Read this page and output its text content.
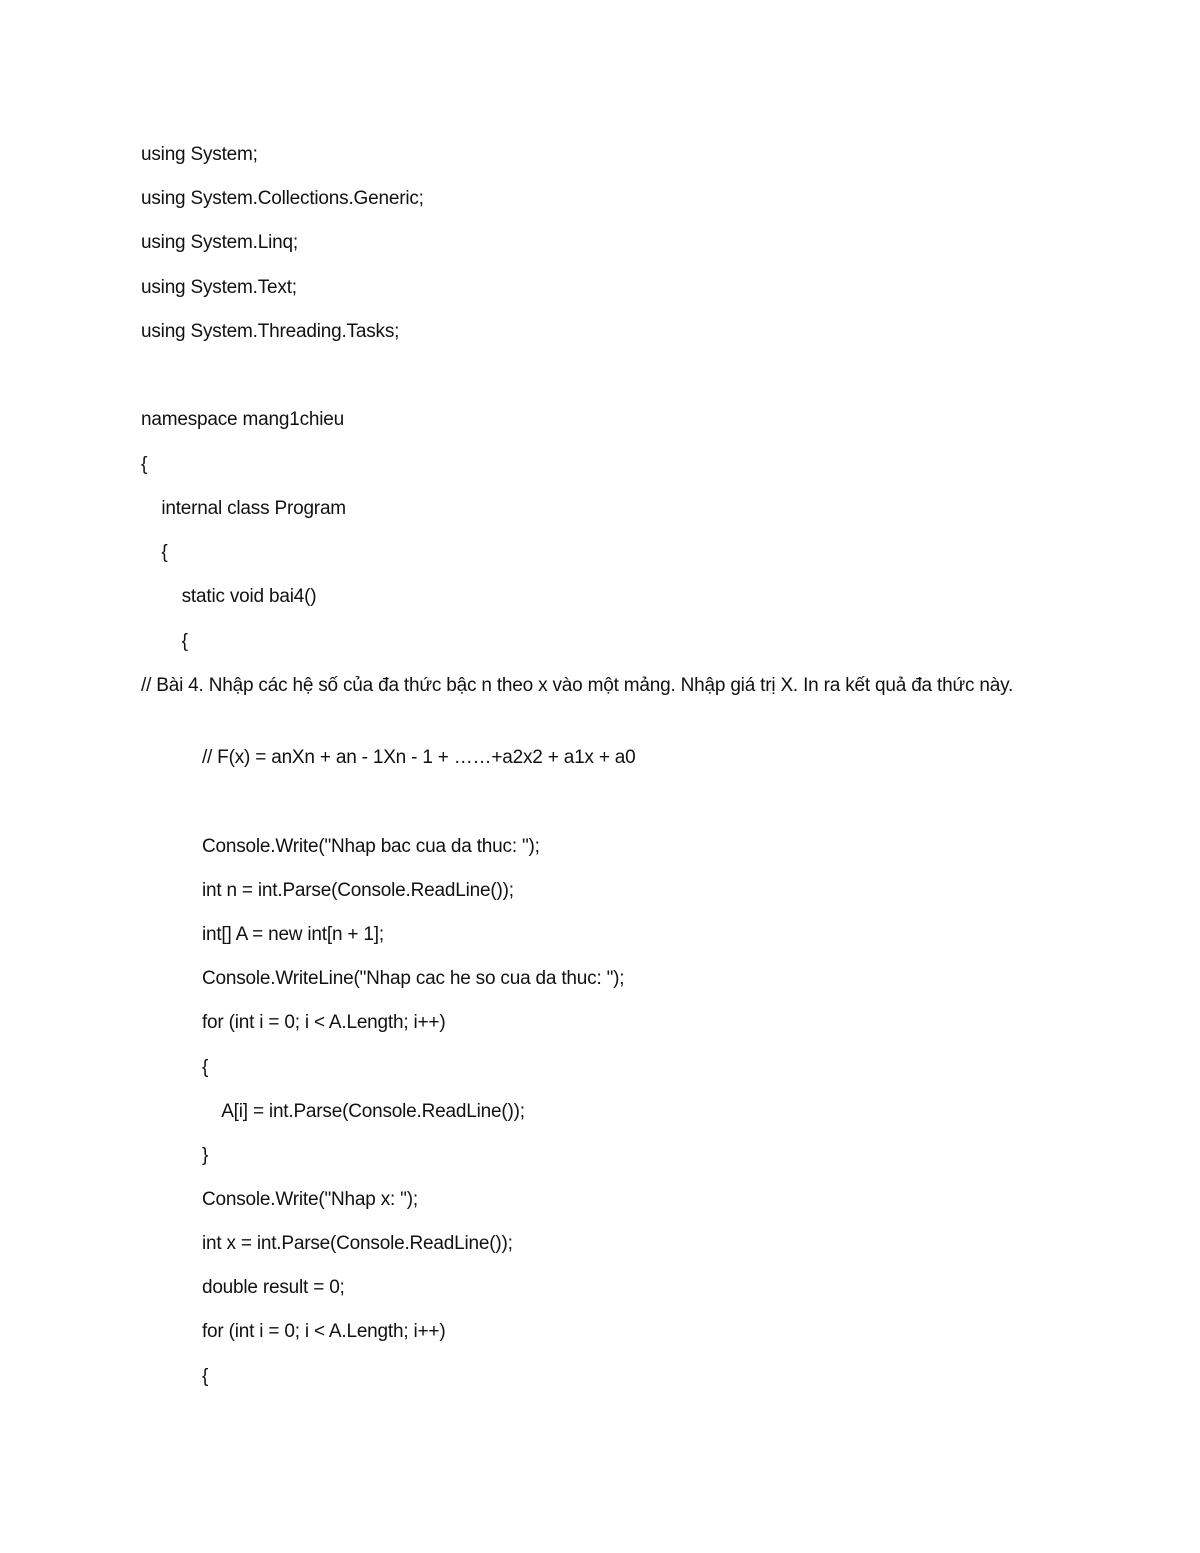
using System;
using System.Collections.Generic;
using System.Linq;
using System.Text;
using System.Threading.Tasks;
namespace mang1chieu
{
internal class Program
{
static void bai4()
{
// Bài 4. Nhập các hệ số của đa thức bậc n theo x vào một mảng. Nhập giá trị X. In ra kết quả đa thức này.
// F(x) = anXn + an - 1Xn - 1 + ……+a2x2 + a1x + a0
Console.Write("Nhap bac cua da thuc: ");
int n = int.Parse(Console.ReadLine());
int[] A = new int[n + 1];
Console.WriteLine("Nhap cac he so cua da thuc: ");
for (int i = 0; i < A.Length; i++)
{
A[i] = int.Parse(Console.ReadLine());
}
Console.Write("Nhap x: ");
int x = int.Parse(Console.ReadLine());
double result = 0;
for (int i = 0; i < A.Length; i++)
{
